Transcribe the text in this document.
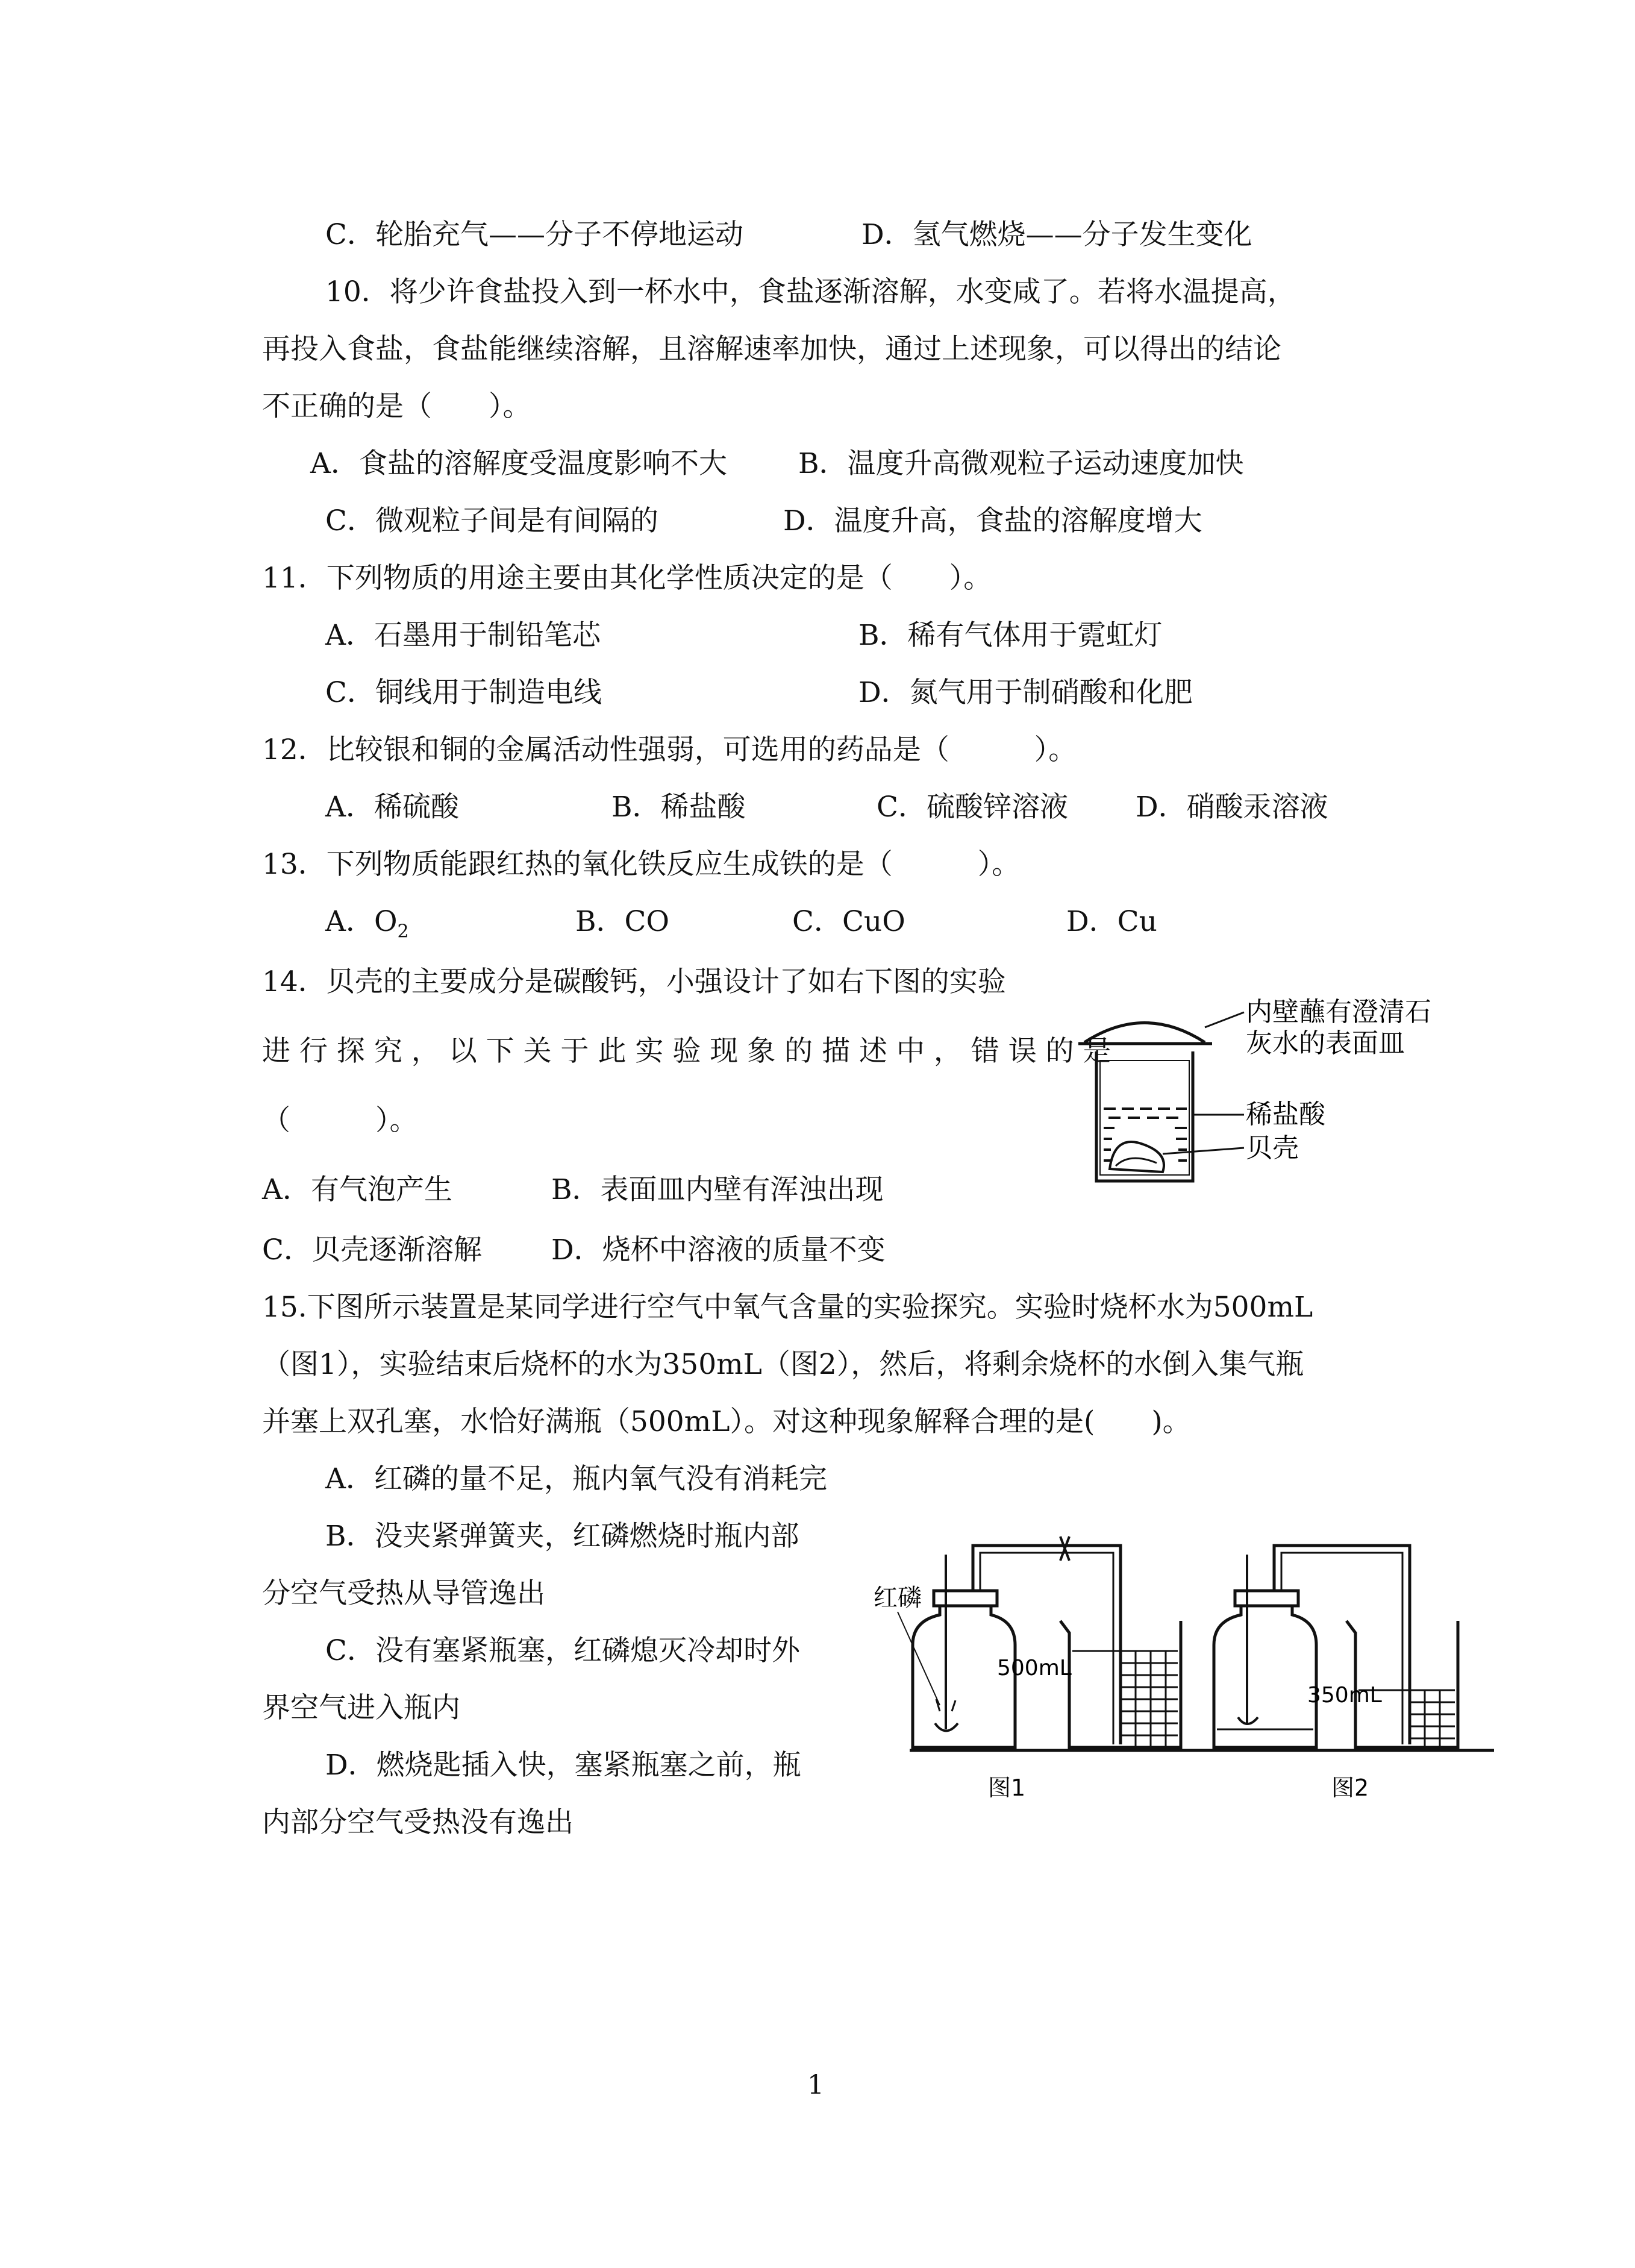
C．轮胎充气——分子不停地运动	D．氢气燃烧——分子发生变化
10．将少许食盐投入到一杯水中，食盐逐渐溶解，水变咸了。若将水温提高，
再投入食盐，食盐能继续溶解，且溶解速率加快，通过上述现象，可以得出的结论
不正确的是（　　）。
A．食盐的溶解度受温度影响不大	B．温度升高微观粒子运动速度加快
C．微观粒子间是有间隔的	D．温度升高，食盐的溶解度增大
11．下列物质的用途主要由其化学性质决定的是（　　）。
A．石墨用于制铅笔芯	B．稀有气体用于霓虹灯
C．铜线用于制造电线	D．氮气用于制硝酸和化肥
12．比较银和铜的金属活动性强弱，可选用的药品是（　　　）。
A．稀硫酸	B．稀盐酸	C．硫酸锌溶液 D．硝酸汞溶液
13．下列物质能跟红热的氧化铁反应生成铁的是（　　　）。
A．$O_2$	B．CO	C．CuO	D．Cu
14．贝壳的主要成分是碳酸钙，小强设计了如右下图的实验
进 行 探 究 ， 以 下 关 于 此 实 验 现 象 的 描 述 中 ， 错 误 的 是
（　　　）。
A．有气泡产生	B．表面皿内壁有浑浊出现
C．贝壳逐渐溶解 D．烧杯中溶液的质量不变
内壁蘸有澄清石
灰水的表面皿
稀盐酸
贝壳
15.下图所示装置是某同学进行空气中氧气含量的实验探究。实验时烧杯水为500mL
（图1），实验结束后烧杯的水为350mL（图2），然后，将剩余烧杯的水倒入集气瓶
并塞上双孔塞，水恰好满瓶（500mL）。对这种现象解释合理的是(　　)。
A．红磷的量不足，瓶内氧气没有消耗完
B．没夹紧弹簧夹，红磷燃烧时瓶内部
分空气受热从导管逸出
C．没有塞紧瓶塞，红磷熄灭冷却时外
界空气进入瓶内
D．燃烧匙插入快，塞紧瓶塞之前，瓶
内部分空气受热没有逸出
红磷
500mL
图1
350mL
图2
1
